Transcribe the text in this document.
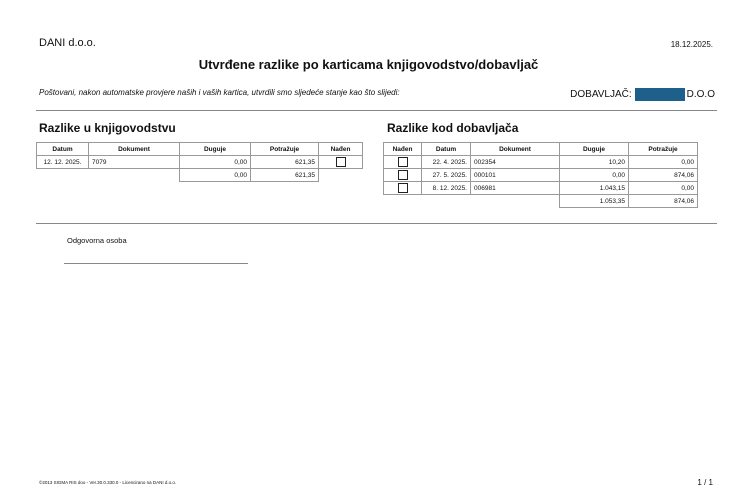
DANI d.o.o.	18.12.2025.
Utvrđene razlike po karticama knjigovodstvo/dobavljač
Poštovani, nakon automatske provjere naših i vaših kartica, utvrdili smo sljedeće stanje kao što slijedi:	DOBAVLJAČ:	D.O.O
Razlike u knjigovodstvu	Razlike kod dobavljača
Datum	Dokument	Duguje	Potražuje	Nađen
12. 12. 2025.	7079	0,00	621,35	
		0,00	621,35	
Nađen	Datum	Dokument	Duguje	Potražuje
	22. 4. 2025.	002354	10,20	0,00
	27. 5. 2025.	000101	0,00	874,06
	8. 12. 2025.	006981	1.043,15	0,00
			1.053,35	874,06
Odgovorna osoba
©2013 SIGMA RIS doo - Ver.30.0.330.0 - Licencirano na DANI d.o.o.	1 / 1
